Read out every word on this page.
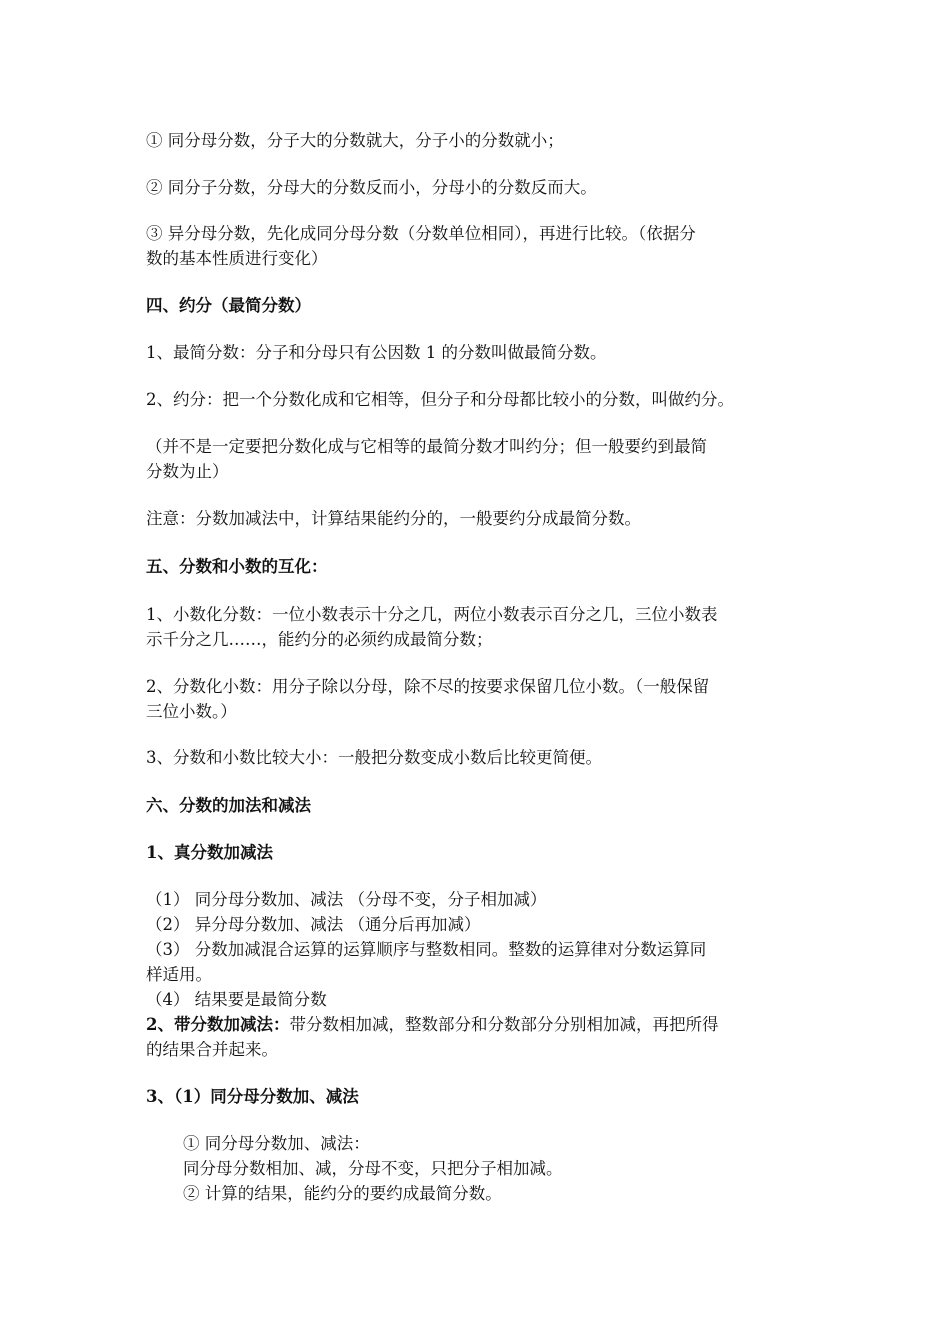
① 同分母分数，分子大的分数就大，分子小的分数就小；
② 同分子分数，分母大的分数反而小，分母小的分数反而大。
③ 异分母分数，先化成同分母分数（分数单位相同），再进行比较。（依据分
数的基本性质进行变化）
四、约分（最简分数）
1、最简分数：分子和分母只有公因数 1 的分数叫做最简分数。
2、约分：把一个分数化成和它相等，但分子和分母都比较小的分数，叫做约分。
（并不是一定要把分数化成与它相等的最简分数才叫约分；但一般要约到最简
分数为止）
注意：分数加减法中，计算结果能约分的，一般要约分成最简分数。
五、分数和小数的互化：
1、小数化分数：一位小数表示十分之几，两位小数表示百分之几，三位小数表
示千分之几……，能约分的必须约成最简分数；
2、分数化小数：用分子除以分母，除不尽的按要求保留几位小数。（一般保留
三位小数。）
3、分数和小数比较大小：一般把分数变成小数后比较更简便。
六、分数的加法和减法
1、真分数加减法
（1） 同分母分数加、减法 （分母不变，分子相加减）
（2） 异分母分数加、减法 （通分后再加减）
（3） 分数加减混合运算的运算顺序与整数相同。整数的运算律对分数运算同
样适用。
（4） 结果要是最简分数
2、带分数加减法：带分数相加减，整数部分和分数部分分别相加减，再把所得
的结果合并起来。
3、（1）同分母分数加、减法
① 同分母分数加、减法：
同分母分数相加、减，分母不变，只把分子相加减。
② 计算的结果，能约分的要约成最简分数。
